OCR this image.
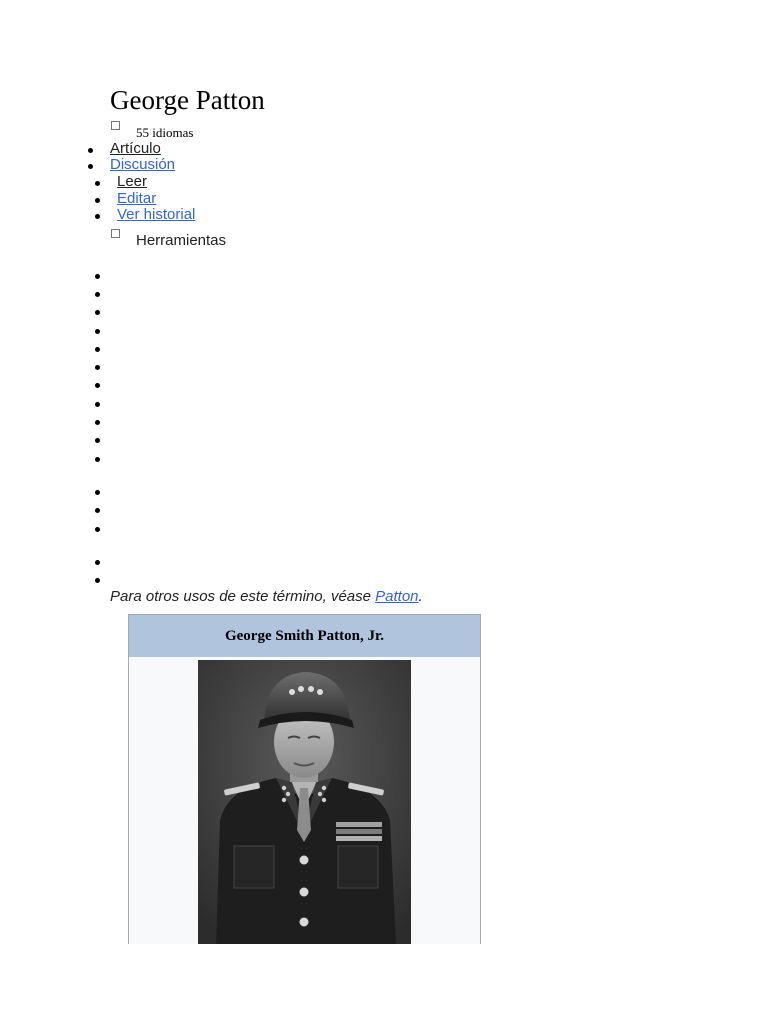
George Patton
55 idiomas
Artículo
Discusión
Leer
Editar
Ver historial
Herramientas
Para otros usos de este término, véase Patton.
George Smith Patton, Jr.
